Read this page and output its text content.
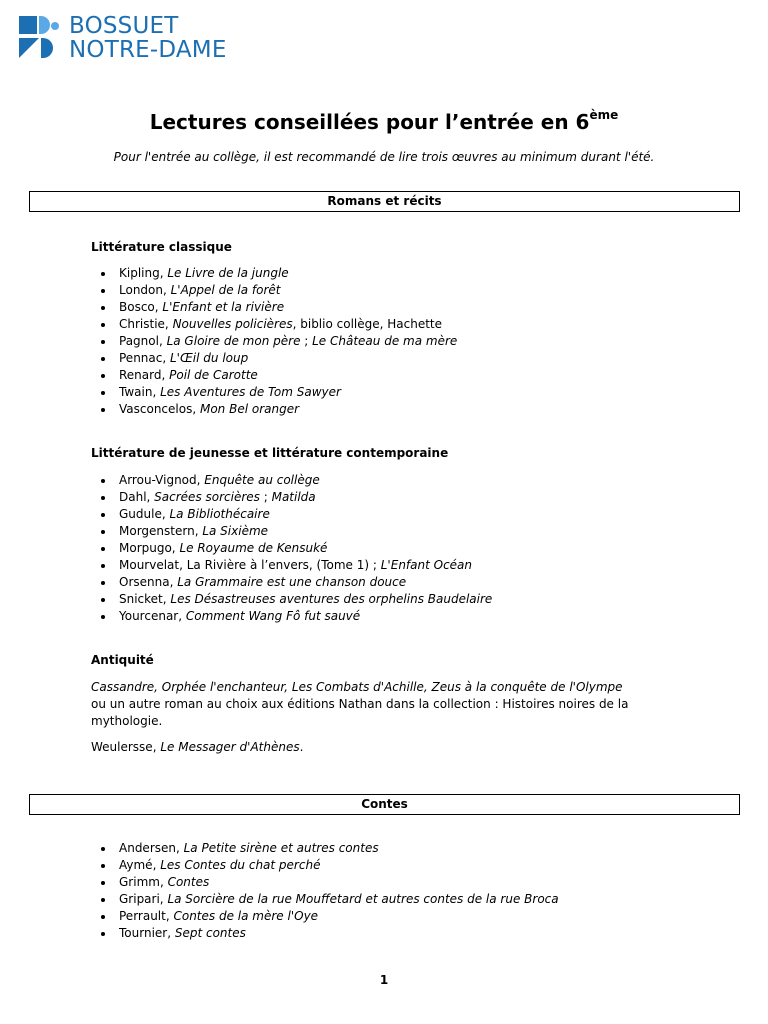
BOSSUET
NOTRE-DAME
Lectures conseillées pour l’entrée en 6ème
Pour l'entrée au collège, il est recommandé de lire trois œuvres au minimum durant l'été.
Romans et récits
Littérature classique
Kipling, Le Livre de la jungle
London, L'Appel de la forêt
Bosco, L'Enfant et la rivière
Christie, Nouvelles policières, biblio collège, Hachette
Pagnol, La Gloire de mon père ; Le Château de ma mère
Pennac, L'Œil du loup
Renard, Poil de Carotte
Twain, Les Aventures de Tom Sawyer
Vasconcelos, Mon Bel oranger
Littérature de jeunesse et littérature contemporaine
Arrou-Vignod, Enquête au collège
Dahl, Sacrées sorcières ; Matilda
Gudule, La Bibliothécaire
Morgenstern, La Sixième
Morpugo, Le Royaume de Kensuké
Mourvelat, La Rivière à l’envers, (Tome 1) ; L'Enfant Océan
Orsenna, La Grammaire est une chanson douce
Snicket, Les Désastreuses aventures des orphelins Baudelaire
Yourcenar, Comment Wang Fô fut sauvé
Antiquité
Cassandre, Orphée l'enchanteur, Les Combats d'Achille, Zeus à la conquête de l'Olympe
ou un autre roman au choix aux éditions Nathan dans la collection : Histoires noires de la
mythologie.
Weulersse, Le Messager d'Athènes.
Contes
Andersen, La Petite sirène et autres contes
Aymé, Les Contes du chat perché
Grimm, Contes
Gripari, La Sorcière de la rue Mouffetard et autres contes de la rue Broca
Perrault, Contes de la mère l'Oye
Tournier, Sept contes
1
